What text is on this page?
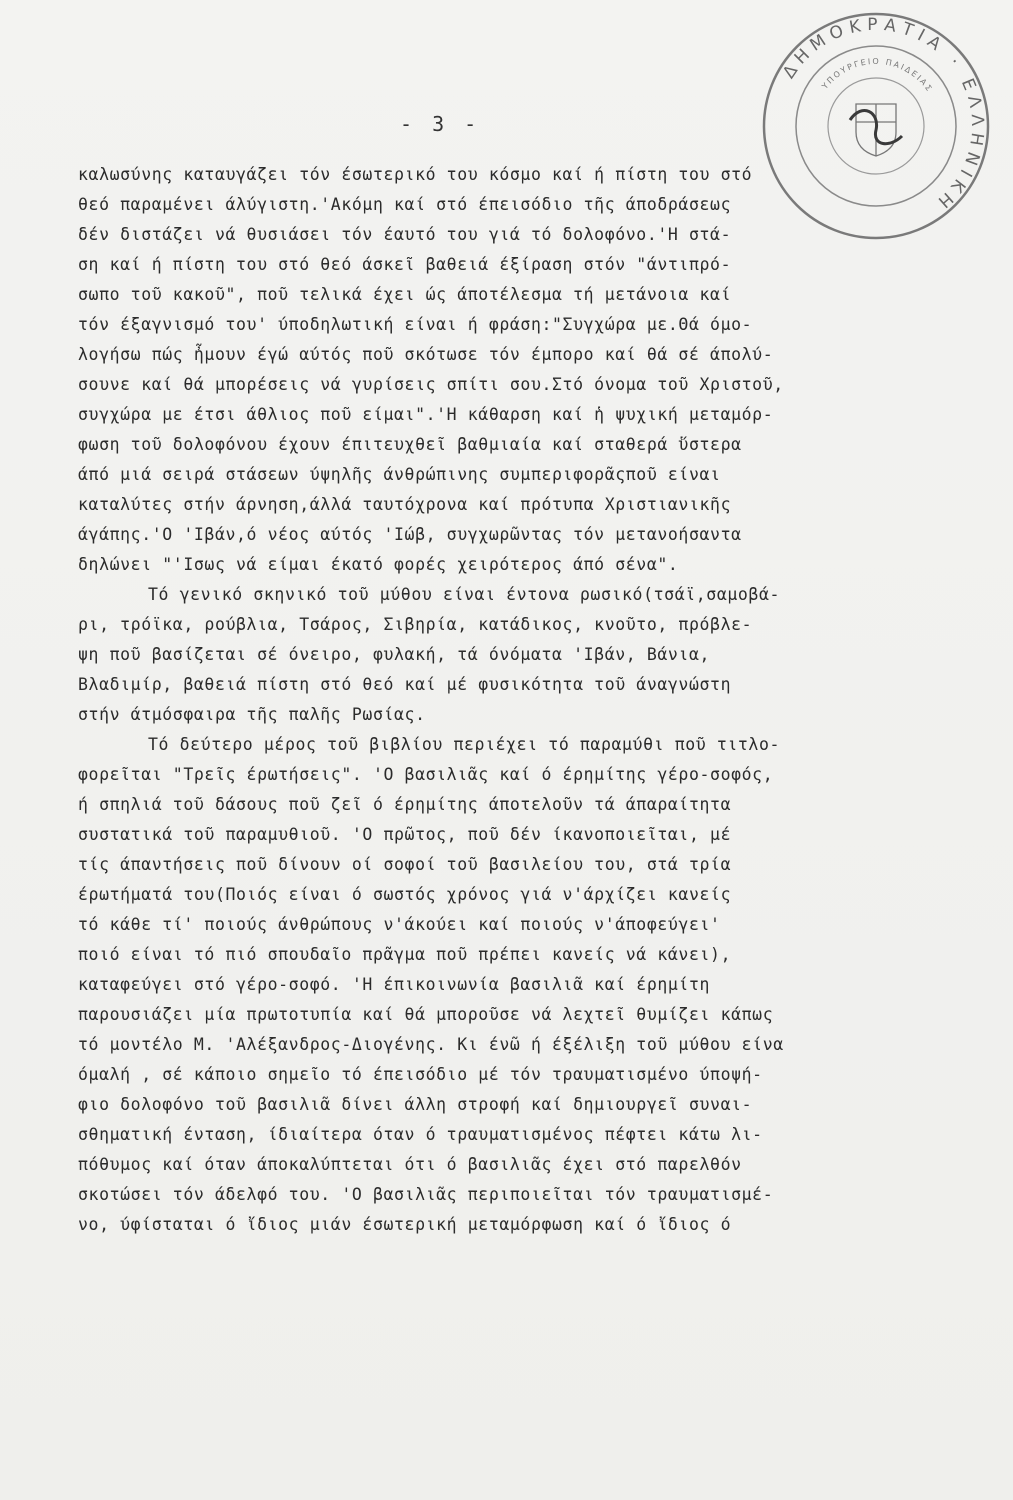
- 3 -
ΔΗΜΟΚΡΑΤΙΑ · ΕΛΛΗΝΙΚΗ
ΥΠΟΥΡΓΕΙΟ ΠΑΙΔΕΙΑΣ
καλωσύνης καταυγάζει τόν έσωτερικό του κόσμο καί ή πίστη του στό
θεό παραμένει άλύγιστη.'Ακόμη καί στό έπεισόδιο τῆς άποδράσεως
δέν διστάζει νά θυσιάσει τόν έαυτό του γιά τό δολοφόνο.'Η στά-
ση καί ή πίστη του στό θεό άσκεῖ βαθειά έξίραση στόν "άντιπρό-
σωπο τοῦ κακοῦ", ποῦ τελικά έχει ώς άποτέλεσμα τή μετάνοια καί
τόν έξαγνισμό του' ύποδηλωτική είναι ή φράση:"Συγχώρα με.Θά όμο-
λογήσω πώς ἦμουν έγώ αύτός ποῦ σκότωσε τόν έμπορο καί θά σέ άπολύ-
σουνε καί θά μπορέσεις νά γυρίσεις σπίτι σου.Στό όνομα τοῦ Χριστοῦ,
συγχώρα με έτσι άθλιος ποῦ είμαι".'Η κάθαρση καί ἡ ψυχική μεταμόρ-
φωση τοῦ δολοφόνου έχουν έπιτευχθεῖ βαθμιαία καί σταθερά ὕστερα
άπό μιά σειρά στάσεων ύψηλῆς άνθρώπινης συμπεριφορᾶςποῦ είναι
καταλύτες στήν άρνηση,άλλά ταυτόχρονα καί πρότυπα Χριστιανικῆς
άγάπης.'Ο 'Ιβάν,ό νέος αύτός 'Ιώβ, συγχωρῶντας τόν μετανοήσαντα
δηλώνει "'Ισως νά είμαι έκατό φορές χειρότερος άπό σένα".
Τό γενικό σκηνικό τοῦ μύθου είναι έντονα ρωσικό(τσάϊ,σαμοβά-
ρι, τρόϊκα, ρούβλια, Τσάρος, Σιβηρία, κατάδικος, κνοῦτο, πρόβλε-
ψη ποῦ βασίζεται σέ όνειρο, φυλακή, τά όνόματα 'Ιβάν, Βάνια,
Βλαδιμίρ, βαθειά πίστη στό θεό καί μέ φυσικότητα τοῦ άναγνώστη
στήν άτμόσφαιρα τῆς παλῆς Ρωσίας.
Τό δεύτερο μέρος τοῦ βιβλίου περιέχει τό παραμύθι ποῦ τιτλο-
φορεῖται "Τρεῖς έρωτήσεις". 'Ο βασιλιᾶς καί ό έρημίτης γέρο-σοφός,
ή σπηλιά τοῦ δάσους ποῦ ζεῖ ό έρημίτης άποτελοῦν τά άπαραίτητα
συστατικά τοῦ παραμυθιοῦ. 'Ο πρῶτος, ποῦ δέν ίκανοποιεῖται, μέ
τίς άπαντήσεις ποῦ δίνουν οί σοφοί τοῦ βασιλείου του, στά τρία
έρωτήματά του(Ποιός είναι ό σωστός χρόνος γιά ν'άρχίζει κανείς
τό κάθε τί' ποιούς άνθρώπους ν'άκούει καί ποιούς ν'άποφεύγει'
ποιό είναι τό πιό σπουδαῖο πρᾶγμα ποῦ πρέπει κανείς νά κάνει),
καταφεύγει στό γέρο-σοφό. 'Η έπικοινωνία βασιλιᾶ καί έρημίτη
παρουσιάζει μία πρωτοτυπία καί θά μποροῦσε νά λεχτεῖ θυμίζει κάπως
τό μοντέλο Μ. 'Αλέξανδρος-Διογένης. Κι ένῶ ή έξέλιξη τοῦ μύθου είνα
όμαλή , σέ κάποιο σημεῖο τό έπεισόδιο μέ τόν τραυματισμένο ύποψή-
φιο δολοφόνο τοῦ βασιλιᾶ δίνει άλλη στροφή καί δημιουργεῖ συναι-
σθηματική ένταση, ίδιαίτερα όταν ό τραυματισμένος πέφτει κάτω λι-
πόθυμος καί όταν άποκαλύπτεται ότι ό βασιλιᾶς έχει στό παρελθόν
σκοτώσει τόν άδελφό του. 'Ο βασιλιᾶς περιποιεῖται τόν τραυματισμέ-
νο, ύφίσταται ό ἴδιος μιάν έσωτερική μεταμόρφωση καί ό ἴδιος ό
